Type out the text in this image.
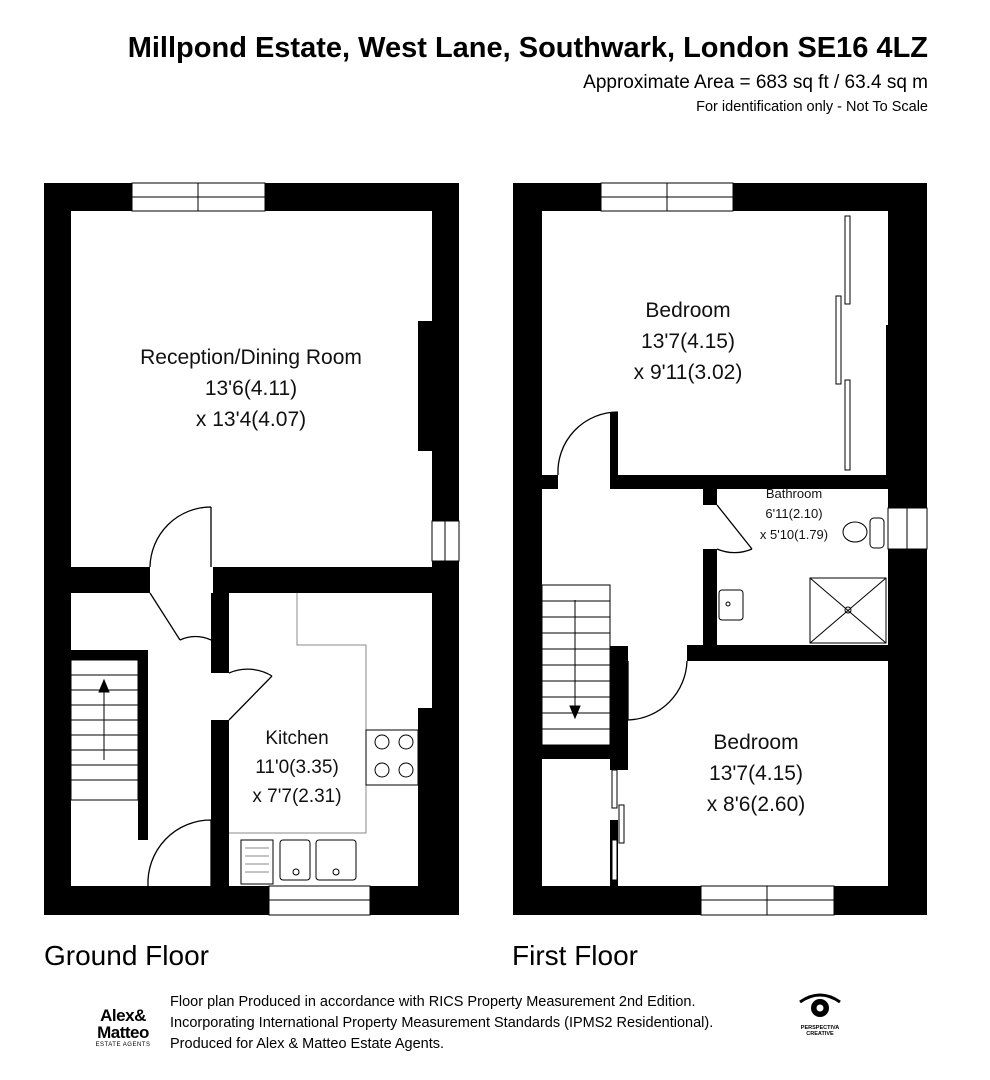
Millpond Estate, West Lane, Southwark, London SE16 4LZ
Approximate Area = 683 sq ft / 63.4 sq m
For identification only - Not To Scale
Reception/Dining Room
13'6(4.11)
x 13'4(4.07)
Kitchen
11'0(3.35)
x 7'7(2.31)
Bedroom
13'7(4.15)
x 9'11(3.02)
Bathroom
6'11(2.10)
x 5'10(1.79)
Bedroom
13'7(4.15)
x 8'6(2.60)
Ground Floor	First Floor
Alex&
Matteo
ESTATE AGENTS
Floor plan Produced in accordance with RICS Property Measurement 2nd Edition.
Incorporating International Property Measurement Standards (IPMS2 Residentional).
Produced for Alex & Matteo Estate Agents.
PERSPECTIVA
CREATIVE
